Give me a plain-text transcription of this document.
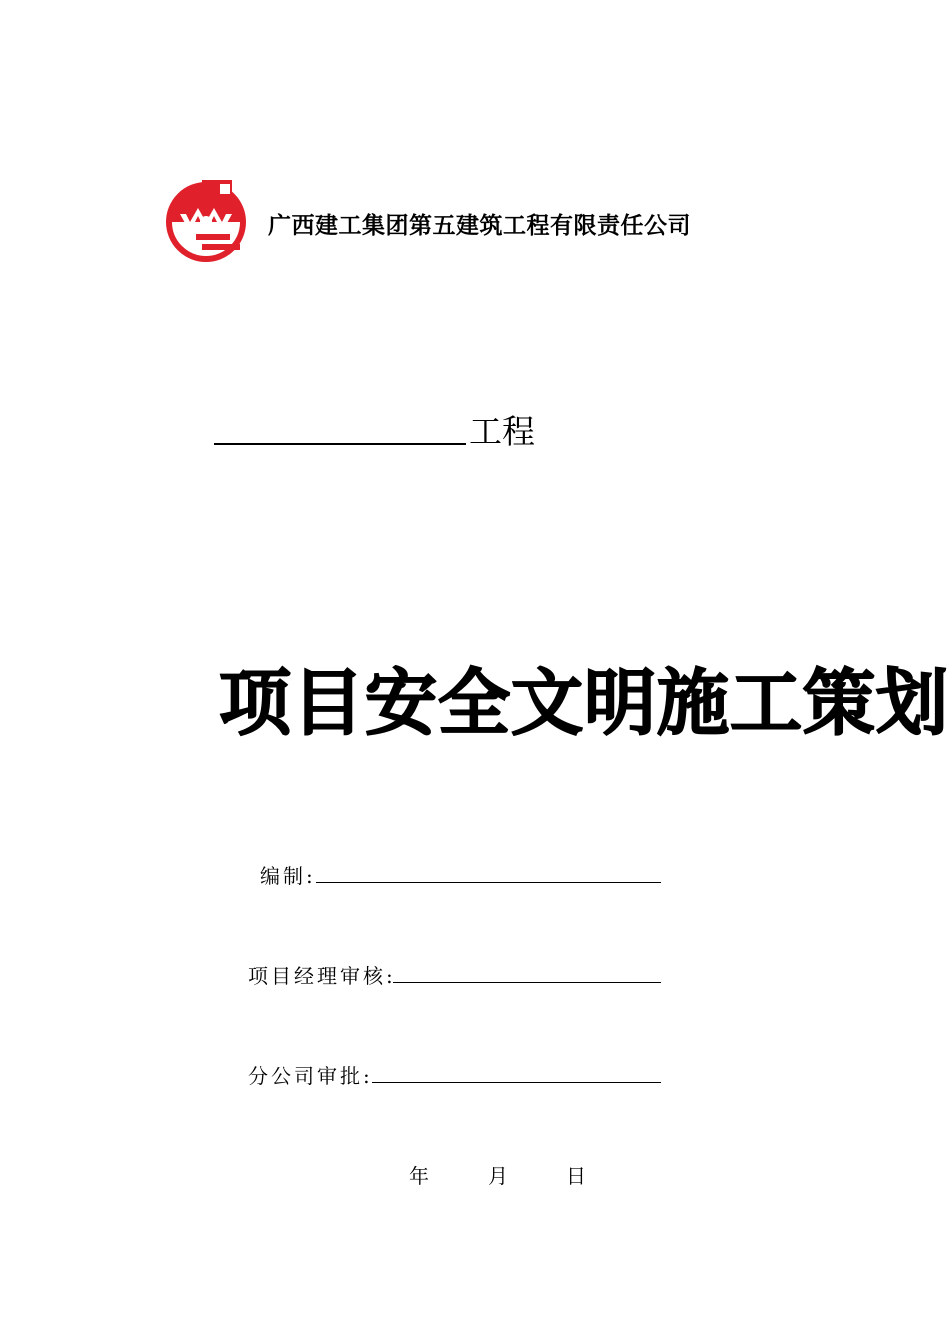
广西建工集团第五建筑工程有限责任公司
工程
项目安全文明施工策划
编制:
项目经理审核:
分公司审批:
年	月	日
